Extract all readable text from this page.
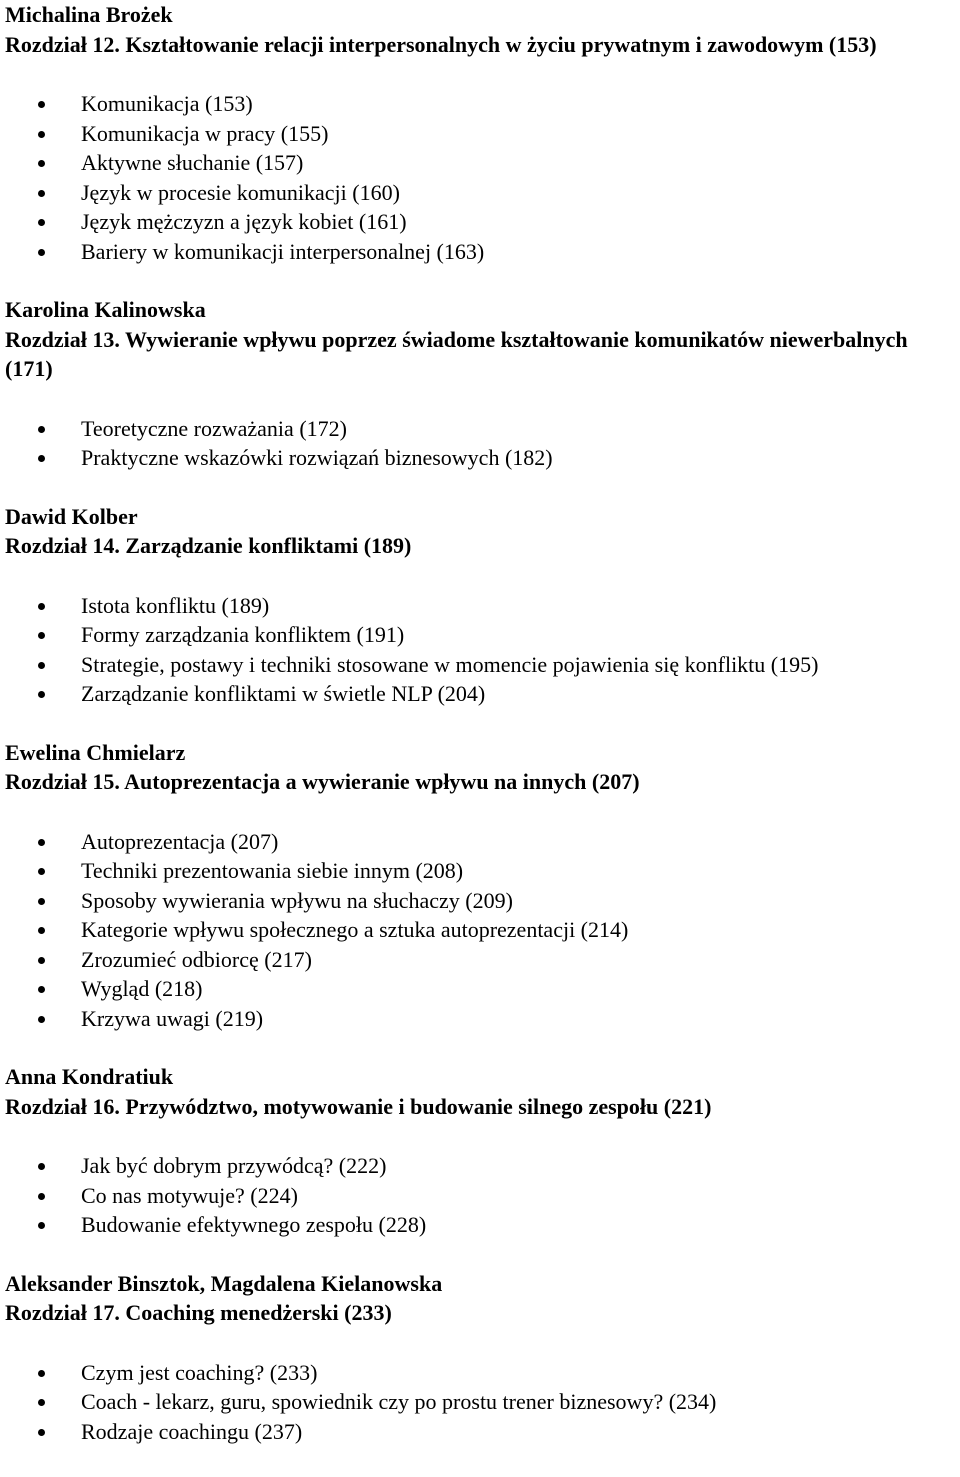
Michalina Brożek
Rozdział 12. Kształtowanie relacji interpersonalnych w życiu prywatnym i zawodowym (153)
Komunikacja (153)
Komunikacja w pracy (155)
Aktywne słuchanie (157)
Język w procesie komunikacji (160)
Język mężczyzn a język kobiet (161)
Bariery w komunikacji interpersonalnej (163)
Karolina Kalinowska
Rozdział 13. Wywieranie wpływu poprzez świadome kształtowanie komunikatów niewerbalnych (171)
Teoretyczne rozważania (172)
Praktyczne wskazówki rozwiązań biznesowych (182)
Dawid Kolber
Rozdział 14. Zarządzanie konfliktami (189)
Istota konfliktu (189)
Formy zarządzania konfliktem (191)
Strategie, postawy i techniki stosowane w momencie pojawienia się konfliktu (195)
Zarządzanie konfliktami w świetle NLP (204)
Ewelina Chmielarz
Rozdział 15. Autoprezentacja a wywieranie wpływu na innych (207)
Autoprezentacja (207)
Techniki prezentowania siebie innym (208)
Sposoby wywierania wpływu na słuchaczy (209)
Kategorie wpływu społecznego a sztuka autoprezentacji (214)
Zrozumieć odbiorcę (217)
Wygląd (218)
Krzywa uwagi (219)
Anna Kondratiuk
Rozdział 16. Przywództwo, motywowanie i budowanie silnego zespołu (221)
Jak być dobrym przywódcą? (222)
Co nas motywuje? (224)
Budowanie efektywnego zespołu (228)
Aleksander Binsztok, Magdalena Kielanowska
Rozdział 17. Coaching menedżerski (233)
Czym jest coaching? (233)
Coach - lekarz, guru, spowiednik czy po prostu trener biznesowy? (234)
Rodzaje coachingu (237)
